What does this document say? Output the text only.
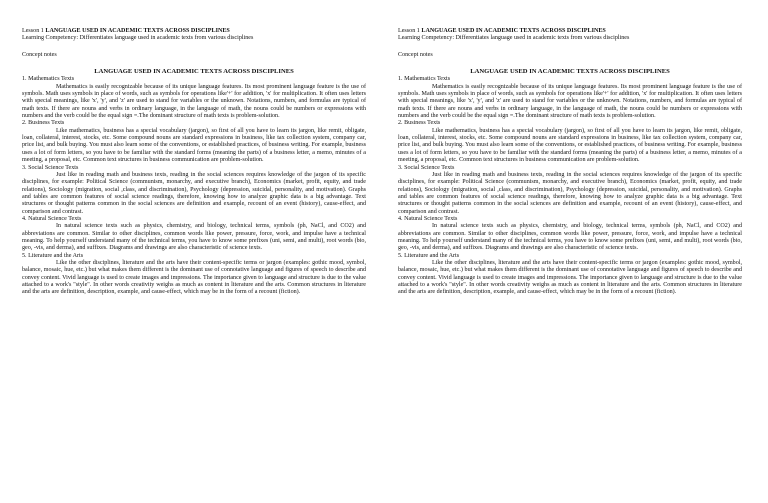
Lesson 1 LANGUAGE USED IN ACADEMIC TEXTS ACROSS DISCIPLINES

Learning Competency: Differentiates language used in academic texts from various disciplines

Concept notes

LANGUAGE USED IN ACADEMIC TEXTS ACROSS DISCIPLINES

1. Mathematics Texts

Mathematics is easily recognizable because of its unique language features. Its most prominent language feature is the use of symbols. Math uses symbols in place of words, such as symbols for operations like'+' for addition, 'x' for multiplication. It often uses letters with special meanings, like 'x', 'y', and 'z' are used to stand for variables or the unknown. Notations, numbers, and formulas are typical of math texts. If there are nouns and verbs in ordinary language, in the language of math, the nouns could be numbers or expressions with numbers and the verb could be the equal sign =.The dominant structure of math texts is problem-solution.

2. Business Texts

Like mathematics, business has a special vocabulary (jargon), so first of all you have to learn its jargon, like remit, obligate, loan, collateral, interest, stocks, etc. Some compound nouns are standard expressions in business, like tax collection system, company car, price list, and bulk buying. You must also learn some of the conventions, or established practices, of business writing. For example, business uses a lot of form letters, so you have to be familiar with the standard forms (meaning the parts) of a business letter, a memo, minutes of a meeting, a proposal, etc. Common text structures in business communication are problem-solution.

3. Social Science Texts

Just like in reading math and business texts, reading in the social sciences requires knowledge of the jargon of its specific disciplines, for example: Political Science (communism, monarchy, and executive branch), Economics (market, profit, equity, and trade relations), Sociology (migration, social ,class, and discrimination), Psychology (depression, suicidal, personality, and motivation). Graphs and tables are common features of social science readings, therefore, knowing how to analyze graphic data is a big advantage. Text structures or thought patterns common in the social sciences are definition and example, recount of an event (history), cause-effect, and comparison and contrast.

4. Natural Science Texts

In natural science texts such as physics, chemistry, and biology, technical terms, symbols (ph, NaCl, and CO2) and abbreviations are common. Similar to other disciplines, common words like power, pressure, force, work, and impulse have a technical meaning. To help yourself understand many of the technical terms, you have to know some prefixes (uni, semi, and multi), root words (bio, geo, -vis, and derma), and suffixes. Diagrams and drawings are also characteristic of science texts.

5. Literature and the Arts

Like the other disciplines, literature and the arts have their content-specific terms or jargon (examples: gothic mood, symbol, balance, mosaic, hue, etc.) but what makes them different is the dominant use of connotative language and figures of speech to describe and convey content. Vivid language is used to create images and impressions. The importance given to language and structure is due to the value attached to a work's "style". In other words creativity weighs as much as content in literature and the arts. Common structures in literature and the arts are definition, description, example, and cause-effect, which may be in the form of a recount (fiction).

Lesson 1 LANGUAGE USED IN ACADEMIC TEXTS ACROSS DISCIPLINES

Learning Competency: Differentiates language used in academic texts from various disciplines

Concept notes

LANGUAGE USED IN ACADEMIC TEXTS ACROSS DISCIPLINES

1. Mathematics Texts

Mathematics is easily recognizable because of its unique language features. Its most prominent language feature is the use of symbols. Math uses symbols in place of words, such as symbols for operations like'+' for addition, 'x' for multiplication. It often uses letters with special meanings, like 'x', 'y', and 'z' are used to stand for variables or the unknown. Notations, numbers, and formulas are typical of math texts. If there are nouns and verbs in ordinary language, in the language of math, the nouns could be numbers or expressions with numbers and the verb could be the equal sign =.The dominant structure of math texts is problem-solution.

2. Business Texts

Like mathematics, business has a special vocabulary (jargon), so first of all you have to learn its jargon, like remit, obligate, loan, collateral, interest, stocks, etc. Some compound nouns are standard expressions in business, like tax collection system, company car, price list, and bulk buying. You must also learn some of the conventions, or established practices, of business writing. For example, business uses a lot of form letters, so you have to be familiar with the standard forms (meaning the parts) of a business letter, a memo, minutes of a meeting, a proposal, etc. Common text structures in business communication are problem-solution.

3. Social Science Texts

Just like in reading math and business texts, reading in the social sciences requires knowledge of the jargon of its specific disciplines, for example: Political Science (communism, monarchy, and executive branch), Economics (market, profit, equity, and trade relations), Sociology (migration, social ,class, and discrimination), Psychology (depression, suicidal, personality, and motivation). Graphs and tables are common features of social science readings, therefore, knowing how to analyze graphic data is a big advantage. Text structures or thought patterns common in the social sciences are definition and example, recount of an event (history), cause-effect, and comparison and contrast.

4. Natural Science Texts

In natural science texts such as physics, chemistry, and biology, technical terms, symbols (ph, NaCl, and CO2) and abbreviations are common. Similar to other disciplines, common words like power, pressure, force, work, and impulse have a technical meaning. To help yourself understand many of the technical terms, you have to know some prefixes (uni, semi, and multi), root words (bio, geo, -vis, and derma), and suffixes. Diagrams and drawings are also characteristic of science texts.

5. Literature and the Arts

Like the other disciplines, literature and the arts have their content-specific terms or jargon (examples: gothic mood, symbol, balance, mosaic, hue, etc.) but what makes them different is the dominant use of connotative language and figures of speech to describe and convey content. Vivid language is used to create images and impressions. The importance given to language and structure is due to the value attached to a work's "style". In other words creativity weighs as much as content in literature and the arts. Common structures in literature and the arts are definition, description, example, and cause-effect, which may be in the form of a recount (fiction).
